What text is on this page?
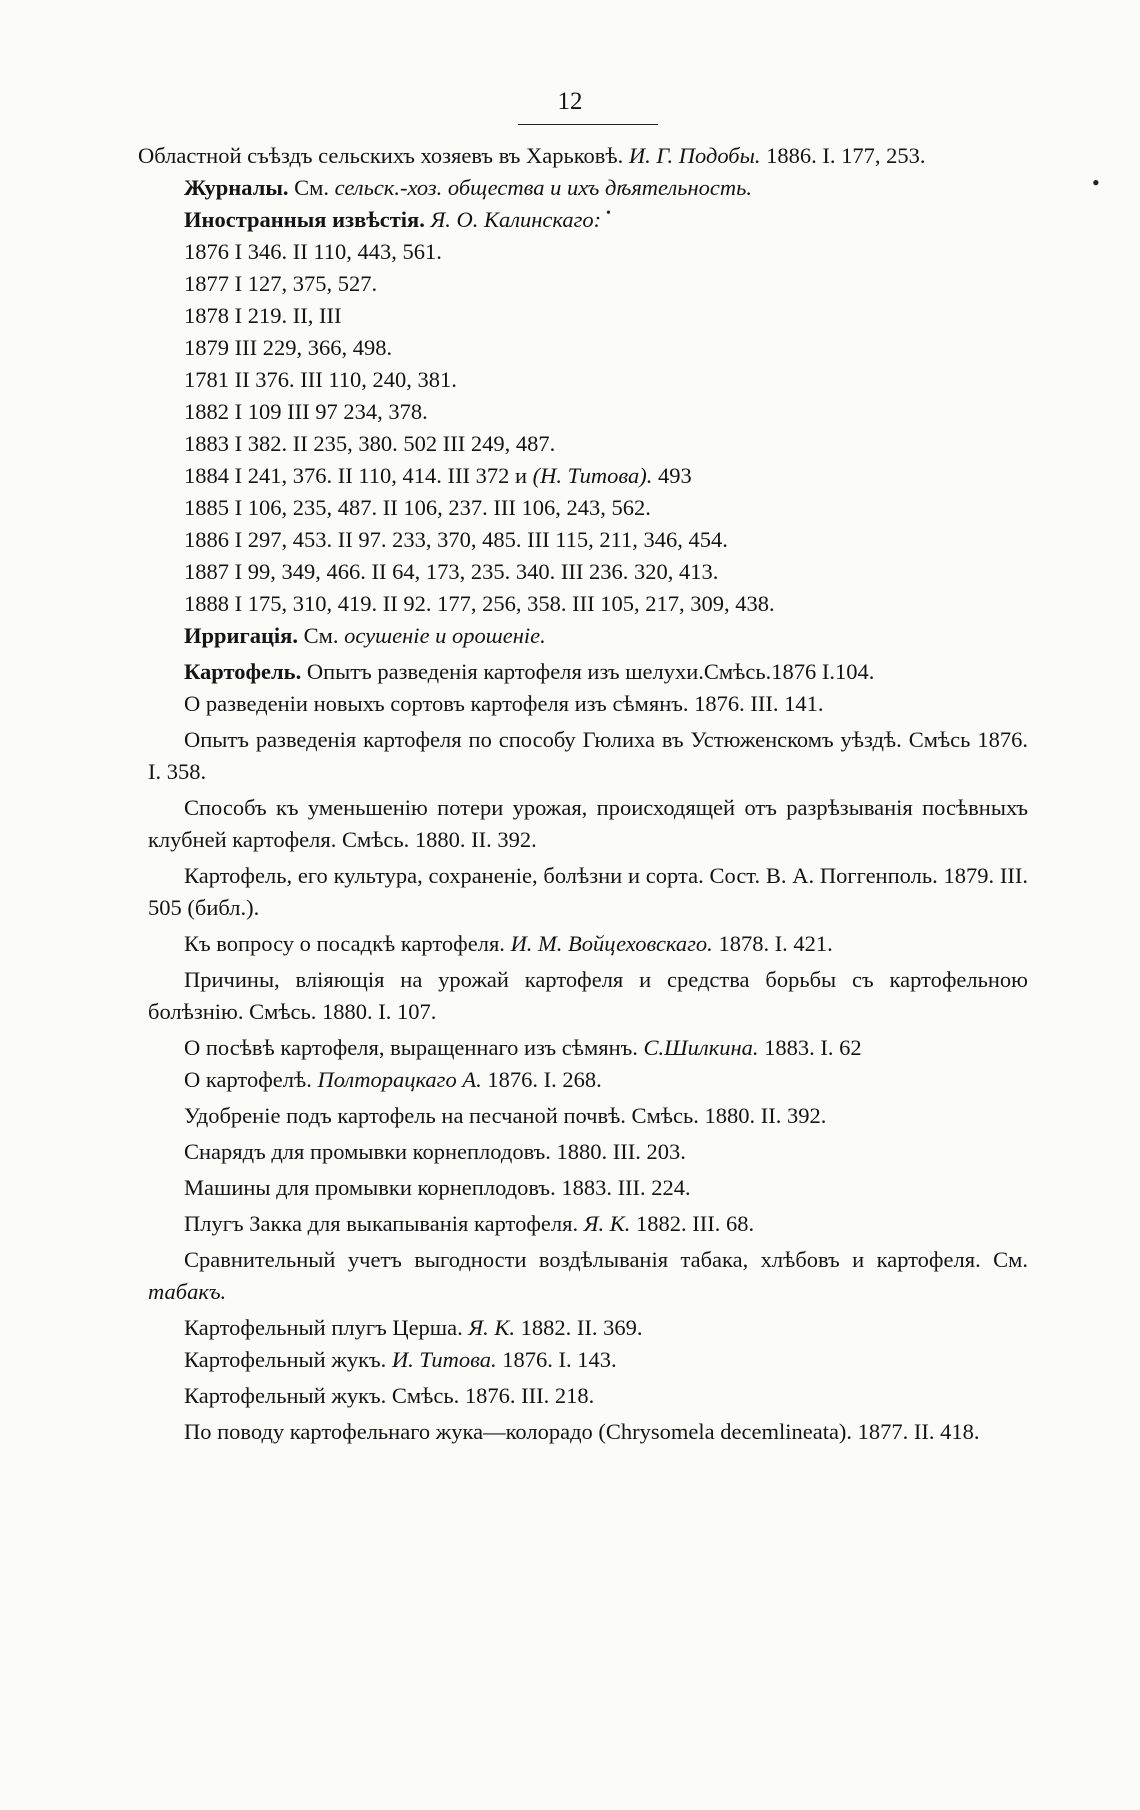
12
•
•

Областной съѣздъ сельскихъ хозяевъ въ Харьковѣ. И. Г. Подобы. 1886. I. 177, 253.

Журналы. См. сельск.-хоз. общества и ихъ дѣятельность.

Иностранныя извѣстія. Я. О. Калинскаго:

1876 I 346. II 110, 443, 561.
1877 I 127, 375, 527.
1878 I 219. II, III
1879 III 229, 366, 498.
1781 II 376. III 110, 240, 381.
1882 I 109 III 97 234, 378.
1883 I 382. II 235, 380. 502 III 249, 487.
1884 I 241, 376. II 110, 414. III 372 и (Н. Титова). 493
1885 I 106, 235, 487. II 106, 237. III 106, 243, 562.
1886 I 297, 453. II 97. 233, 370, 485. III 115, 211, 346, 454.
1887 I 99, 349, 466. II 64, 173, 235. 340. III 236. 320, 413.
1888 I 175, 310, 419. II 92. 177, 256, 358. III 105, 217, 309, 438.

Ирригація. См. осушеніе и орошеніе.

Картофель. Опытъ разведенія картофеля изъ шелухи.Смѣсь.1876 I.104.

О разведеніи новыхъ сортовъ картофеля изъ сѣмянъ. 1876. III. 141.

Опытъ разведенія картофеля по способу Гюлиха въ Устюженскомъ уѣздѣ. Смѣсь 1876. I. 358.

Способъ къ уменьшенію потери урожая, происходящей отъ разрѣзыванія посѣвныхъ клубней картофеля. Смѣсь. 1880. II. 392.

Картофель, его культура, сохраненіе, болѣзни и сорта. Сост. В. А. Поггенполь. 1879. III. 505 (библ.).

Къ вопросу о посадкѣ картофеля. И. М. Войцеховскаго. 1878. I. 421.

Причины, вліяющія на урожай картофеля и средства борьбы съ картофельною болѣзнію. Смѣсь. 1880. I. 107.

О посѣвѣ картофеля, выращеннаго изъ сѣмянъ. С.Шилкина. 1883. I. 62

О картофелѣ. Полторацкаго А. 1876. I. 268.

Удобреніе подъ картофель на песчаной почвѣ. Смѣсь. 1880. II. 392.

Снарядъ для промывки корнеплодовъ. 1880. III. 203.

Машины для промывки корнеплодовъ. 1883. III. 224.

Плугъ Закка для выкапыванія картофеля. Я. К. 1882. III. 68.

Сравнительный учетъ выгодности воздѣлыванія табака, хлѣбовъ и картофеля. См. табакъ.

Картофельный плугъ Церша. Я. К. 1882. II. 369.

Картофельный жукъ. И. Титова. 1876. I. 143.

Картофельный жукъ. Смѣсь. 1876. III. 218.

По поводу картофельнаго жука—колорадо (Chrysomela decemlineata). 1877. II. 418.
